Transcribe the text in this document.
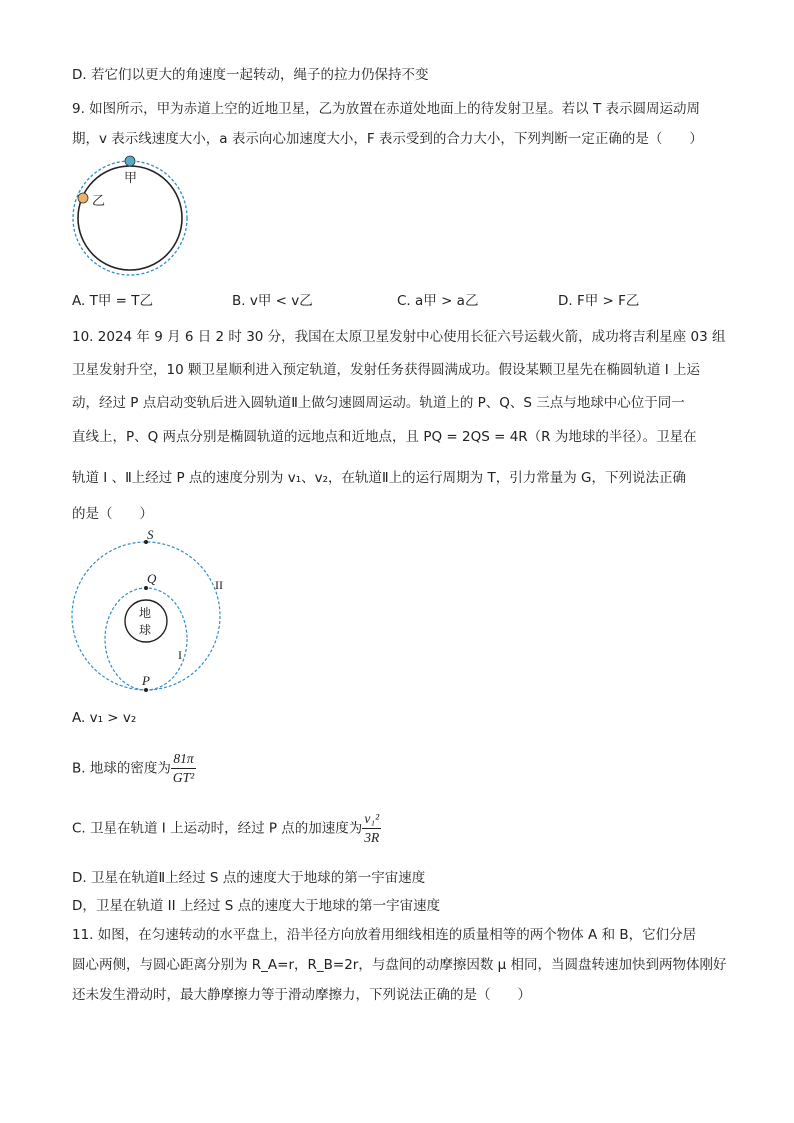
D. 若它们以更大的角速度一起转动，绳子的拉力仍保持不变
9. 如图所示，甲为赤道上空的近地卫星，乙为放置在赤道处地面上的待发射卫星。若以 T 表示圆周运动周
期，v 表示线速度大小，a 表示向心加速度大小，F 表示受到的合力大小，下列判断一定正确的是（　　）
甲
乙
A. T甲 = T乙	B. v甲 < v乙	C. a甲 > a乙	D. F甲 > F乙
10. 2024 年 9 月 6 日 2 时 30 分，我国在太原卫星发射中心使用长征六号运载火箭，成功将吉利星座 03 组
卫星发射升空，10 颗卫星顺利进入预定轨道，发射任务获得圆满成功。假设某颗卫星先在椭圆轨道 I 上运
动，经过 P 点启动变轨后进入圆轨道Ⅱ上做匀速圆周运动。轨道上的 P、Q、S 三点与地球中心位于同一
直线上，P、Q 两点分别是椭圆轨道的远地点和近地点，且 PQ = 2QS = 4R（R 为地球的半径）。卫星在
轨道 I 、Ⅱ上经过 P 点的速度分别为 v₁、v₂，在轨道Ⅱ上的运行周期为 T，引力常量为 G，下列说法正确
的是（　　）
地
球
S
Q
P
II
I
A. v₁ > v₂
B. 地球的密度为 $\frac{81\pi}{\text{GT²}}$
C. 卫星在轨道 I 上运动时，经过 P 点的加速度为 $\frac{\text{v₁²}}{3R}$
D. 卫星在轨道Ⅱ上经过 S 点的速度大于地球的第一宇宙速度
D，卫星在轨道 II 上经过 S 点的速度大于地球的第一宇宙速度
11. 如图，在匀速转动的水平盘上，沿半径方向放着用细线相连的质量相等的两个物体 A 和 B，它们分居
圆心两侧，与圆心距离分别为 R_A=r，R_B=2r，与盘间的动摩擦因数 μ 相同，当圆盘转速加快到两物体刚好
还未发生滑动时，最大静摩擦力等于滑动摩擦力，下列说法正确的是（　　）
